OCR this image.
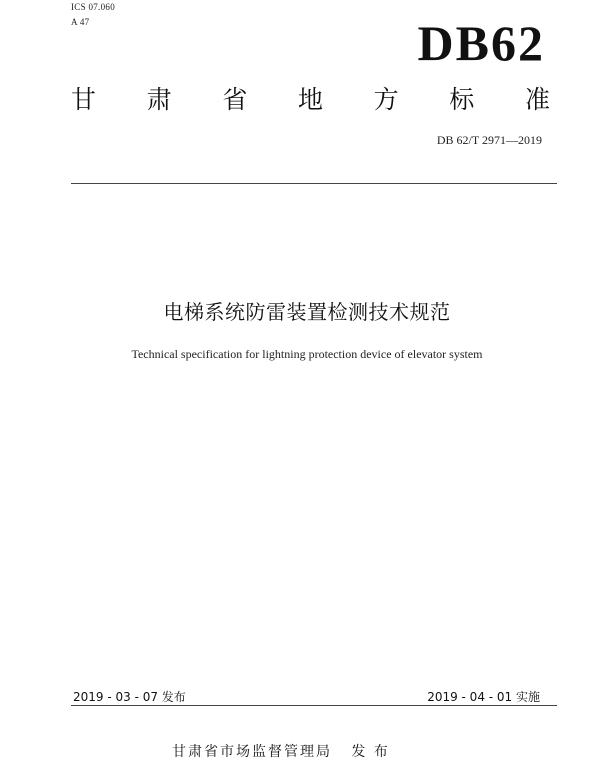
ICS 07.060
A 47	DB62
甘 肃 省 地 方 标 准
DB 62/T 2971—2019
电梯系统防雷装置检测技术规范
Technical specification for lightning protection device of elevator system
2019 - 03 - 07 发布	2019 - 04 - 01 实施
甘肃省市场监督管理局   发 布
